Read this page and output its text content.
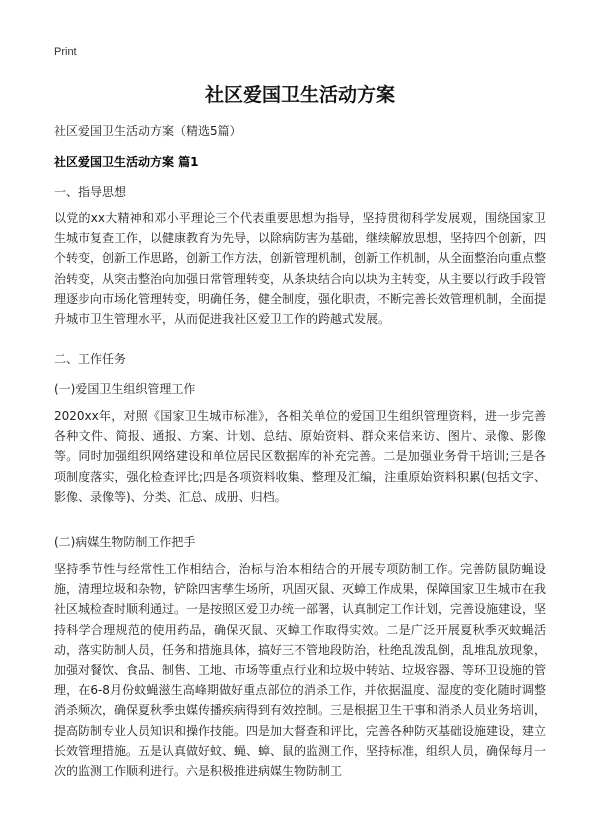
Print
社区爱国卫生活动方案
社区爱国卫生活动方案（精选5篇）
社区爱国卫生活动方案 篇1
一、指导思想
以党的xx大精神和邓小平理论三个代表重要思想为指导，坚持贯彻科学发展观，围绕国家卫生城市复查工作，以健康教育为先导，以除病防害为基础，继续解放思想，坚持四个创新，四个转变，创新工作思路，创新工作方法，创新管理机制，创新工作机制，从全面整治向重点整治转变，从突击整治向加强日常管理转变，从条块结合向以块为主转变，从主要以行政手段管理逐步向市场化管理转变，明确任务，健全制度，强化职责，不断完善长效管理机制，全面提升城市卫生管理水平，从而促进我社区爱卫工作的跨越式发展。
二、工作任务
(一)爱国卫生组织管理工作
2020xx年，对照《国家卫生城市标准》，各相关单位的爱国卫生组织管理资料，进一步完善各种文件、简报、通报、方案、计划、总结、原始资料、群众来信来访、图片、录像、影像等。同时加强组织网络建设和单位居民区数据库的补充完善。二是加强业务骨干培训;三是各项制度落实，强化检查评比;四是各项资料收集、整理及汇编，注重原始资料积累(包括文字、影像、录像等)、分类、汇总、成册、归档。
(二)病媒生物防制工作把手
坚持季节性与经常性工作相结合，治标与治本相结合的开展专项防制工作。完善防鼠防蝇设施，清理垃圾和杂物，铲除四害孳生场所，巩固灭鼠、灭蟑工作成果，保障国家卫生城市在我社区城检查时顺利通过。一是按照区爱卫办统一部署，认真制定工作计划，完善设施建设，坚持科学合理规范的使用药品，确保灭鼠、灭蟑工作取得实效。二是广泛开展夏秋季灭蚊蝇活动，落实防制人员，任务和措施具体，搞好三不管地段防治，杜绝乱泼乱倒，乱堆乱放现象，加强对餐饮、食品、制售、工地、市场等重点行业和垃圾中转站、垃圾容器、等环卫设施的管理，在6-8月份蚊蝇滋生高峰期做好重点部位的消杀工作，并依据温度、湿度的变化随时调整消杀频次，确保夏秋季虫媒传播疾病得到有效控制。三是根据卫生干事和消杀人员业务培训，提高防制专业人员知识和操作技能。四是加大督查和评比，完善各种防灭基础设施建设，建立长效管理措施。五是认真做好蚊、蝇、蟑、鼠的监测工作，坚持标准，组织人员，确保每月一次的监测工作顺利进行。六是积极推进病媒生物防制工
